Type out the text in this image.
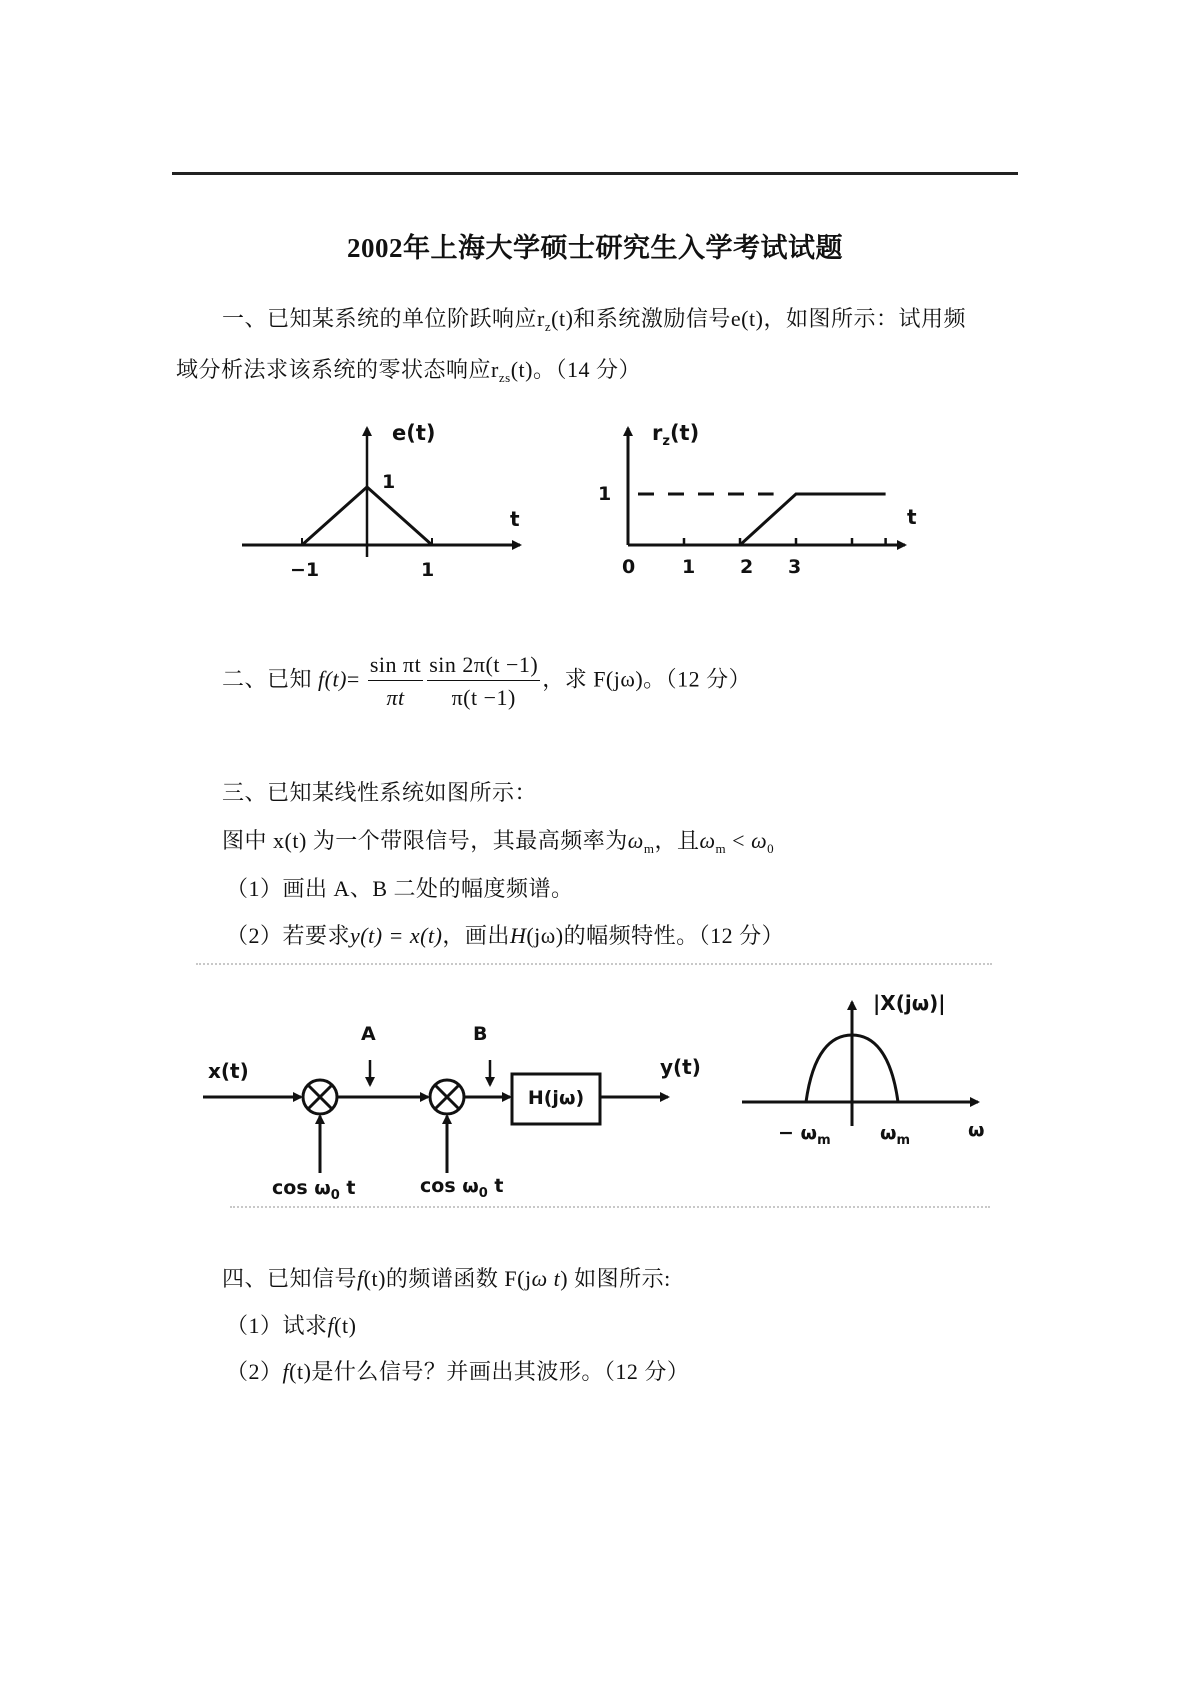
2002年上海大学硕士研究生入学考试试题
一、已知某系统的单位阶跃响应$r_z(t)$和系统激励信号e(t)，如图所示：试用频
域分析法求该系统的零状态响应$r_{zs}(t)$。（14 分）
e(t)
1
t
−1	1
$r_z(t)$
1
t
0 1 2 3
x(t)
A	B
H(jω)
y(t)
$\cos \omega_0$ t	$\cos \omega_0$ t
|X(jω)|
− $\omega_m$	$\omega_m$	ω
二、已知 $f(t)= \frac{\text{sin πt}}{\pi t} \frac{\sin 2\pi(t -1)}{\pi(t -1)}$ ，求 F(jω)。（12 分）
三、已知某线性系统如图所示：
图中 x(t) 为一个带限信号，其最高频率为$\omega_m$，且$\omega_m < \omega_0$
（1）画出 A、B 二处的幅度频谱。
（2）若要求y(t) = x(t)，画出H(jω)的幅频特性。（12 分）
四、已知信号f(t)的频谱函数 F(jω t) 如图所示:
（1）试求f(t)
（2）f(t)是什么信号？并画出其波形。（12 分）
